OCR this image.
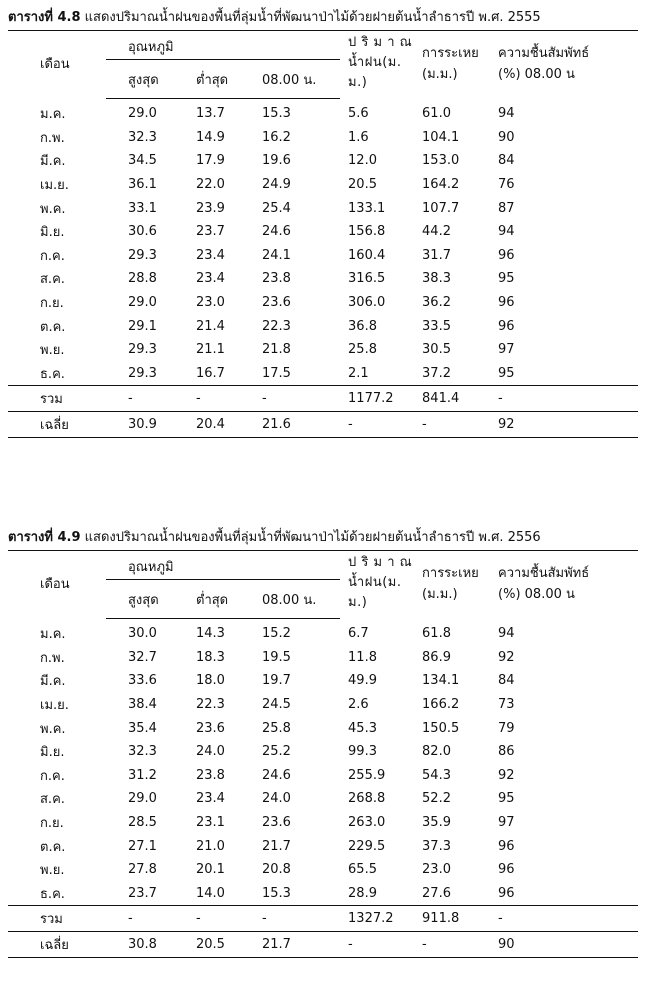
ตารางที่ 4.8 แสดงปริมาณน้ำฝนของพื้นที่ลุ่มน้ำที่พัฒนาป่าไม้ด้วยฝายต้นน้ำลำธารปี พ.ศ. 2555
เดือน	อุณหภูมิ			ป ริ ม า ณ
น้ำฝน(ม.
ม.)	การระเหย
(ม.ม.)	ความชื้นสัมพัทธ์
(%) 08.00 น
	สูงสุด	ต่ำสุด	08.00 น.			
ม.ค.	29.0	13.7	15.3	5.6	61.0	94
ก.พ.	32.3	14.9	16.2	1.6	104.1	90
มี.ค.	34.5	17.9	19.6	12.0	153.0	84
เม.ย.	36.1	22.0	24.9	20.5	164.2	76
พ.ค.	33.1	23.9	25.4	133.1	107.7	87
มิ.ย.	30.6	23.7	24.6	156.8	44.2	94
ก.ค.	29.3	23.4	24.1	160.4	31.7	96
ส.ค.	28.8	23.4	23.8	316.5	38.3	95
ก.ย.	29.0	23.0	23.6	306.0	36.2	96
ต.ค.	29.1	21.4	22.3	36.8	33.5	96
พ.ย.	29.3	21.1	21.8	25.8	30.5	97
ธ.ค.	29.3	16.7	17.5	2.1	37.2	95
รวม	-	-	-	1177.2	841.4	-
เฉลี่ย	30.9	20.4	21.6	-	-	92
ตารางที่ 4.9 แสดงปริมาณน้ำฝนของพื้นที่ลุ่มน้ำที่พัฒนาป่าไม้ด้วยฝายต้นน้ำลำธารปี พ.ศ. 2556
เดือน	อุณหภูมิ			ป ริ ม า ณ
น้ำฝน(ม.
ม.)	การระเหย
(ม.ม.)	ความชื้นสัมพัทธ์
(%) 08.00 น
	สูงสุด	ต่ำสุด	08.00 น.			
ม.ค.	30.0	14.3	15.2	6.7	61.8	94
ก.พ.	32.7	18.3	19.5	11.8	86.9	92
มี.ค.	33.6	18.0	19.7	49.9	134.1	84
เม.ย.	38.4	22.3	24.5	2.6	166.2	73
พ.ค.	35.4	23.6	25.8	45.3	150.5	79
มิ.ย.	32.3	24.0	25.2	99.3	82.0	86
ก.ค.	31.2	23.8	24.6	255.9	54.3	92
ส.ค.	29.0	23.4	24.0	268.8	52.2	95
ก.ย.	28.5	23.1	23.6	263.0	35.9	97
ต.ค.	27.1	21.0	21.7	229.5	37.3	96
พ.ย.	27.8	20.1	20.8	65.5	23.0	96
ธ.ค.	23.7	14.0	15.3	28.9	27.6	96
รวม	-	-	-	1327.2	911.8	-
เฉลี่ย	30.8	20.5	21.7	-	-	90
